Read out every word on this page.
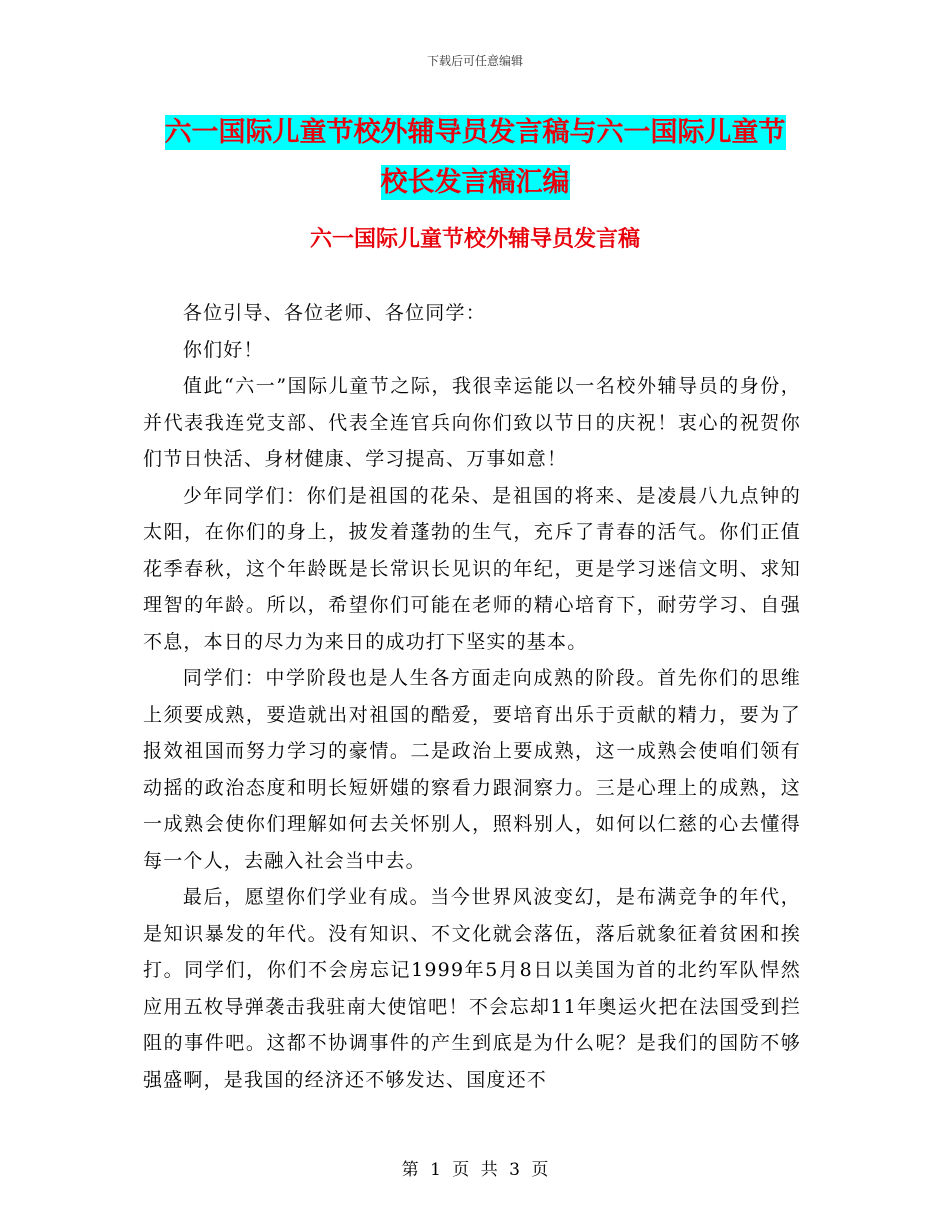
下载后可任意编辑
六一国际儿童节校外辅导员发言稿与六一国际儿童节
校长发言稿汇编
六一国际儿童节校外辅导员发言稿

各位引导、各位老师、各位同学：

你们好！

值此“六一”国际儿童节之际，我很幸运能以一名校外辅导员的身份，并代表我连党支部、代表全连官兵向你们致以节日的庆祝！衷心的祝贺你们节日快活、身材健康、学习提高、万事如意！

少年同学们：你们是祖国的花朵、是祖国的将来、是凌晨八九点钟的太阳，在你们的身上，披发着蓬勃的生气，充斥了青春的活气。你们正值花季春秋，这个年龄既是长常识长见识的年纪，更是学习迷信文明、求知理智的年龄。所以，希望你们可能在老师的精心培育下，耐劳学习、自强不息，本日的尽力为来日的成功打下坚实的基本。

同学们：中学阶段也是人生各方面走向成熟的阶段。首先你们的思维上须要成熟，要造就出对祖国的酷爱，要培育出乐于贡献的精力，要为了报效祖国而努力学习的豪情。二是政治上要成熟，这一成熟会使咱们领有动摇的政治态度和明长短妍媸的察看力跟洞察力。三是心理上的成熟，这一成熟会使你们理解如何去关怀别人，照料别人，如何以仁慈的心去懂得每一个人，去融入社会当中去。

最后，愿望你们学业有成。当今世界风波变幻，是布满竞争的年代，是知识暴发的年代。没有知识、不文化就会落伍，落后就象征着贫困和挨打。同学们，你们不会房忘记1999年5月8日以美国为首的北约军队悍然应用五枚导弹袭击我驻南大使馆吧！不会忘却11年奥运火把在法国受到拦阻的事件吧。这都不协调事件的产生到底是为什么呢？是我们的国防不够强盛啊，是我国的经济还不够发达、国度还不

第 1 页 共 3 页
